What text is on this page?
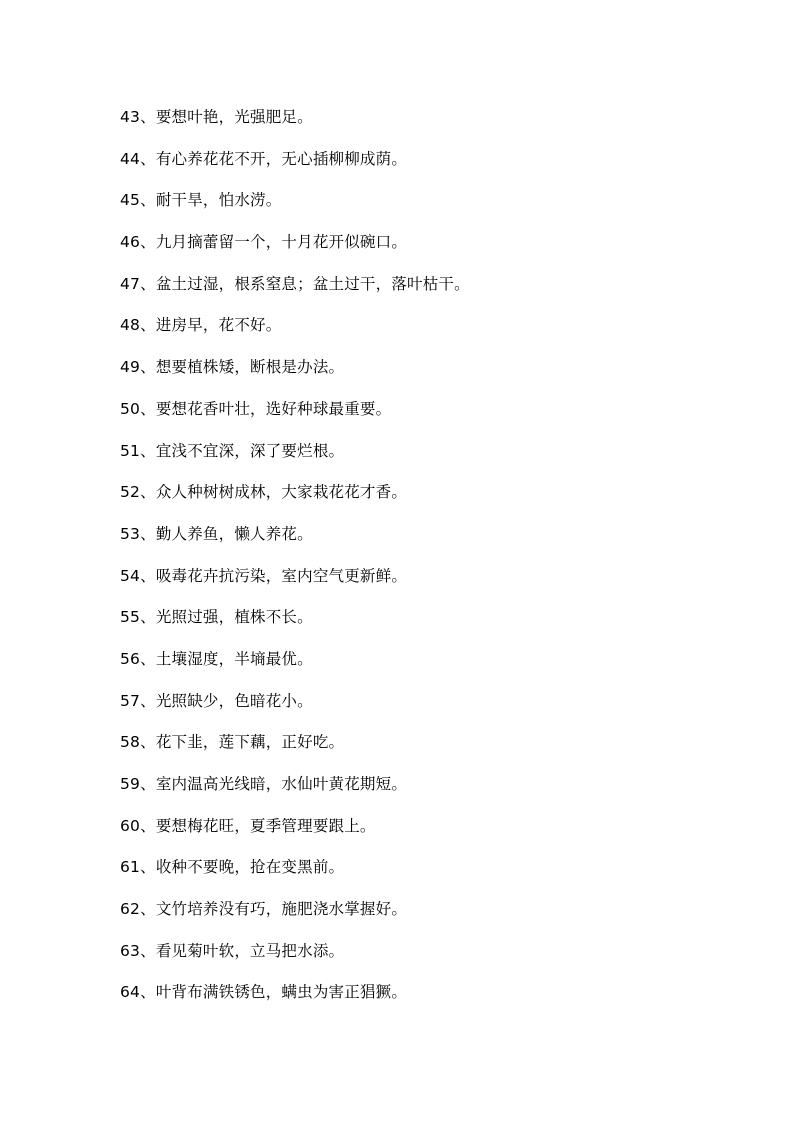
43、要想叶艳，光强肥足。
44、有心养花花不开，无心插柳柳成荫。
45、耐干旱，怕水涝。
46、九月摘蕾留一个，十月花开似碗口。
47、盆土过湿，根系窒息；盆土过干，落叶枯干。
48、进房早，花不好。
49、想要植株矮，断根是办法。
50、要想花香叶壮，选好种球最重要。
51、宜浅不宜深，深了要烂根。
52、众人种树树成林，大家栽花花才香。
53、勤人养鱼，懒人养花。
54、吸毒花卉抗污染，室内空气更新鲜。
55、光照过强，植株不长。
56、土壤湿度，半墒最优。
57、光照缺少，色暗花小。
58、花下韭，莲下藕，正好吃。
59、室内温高光线暗，水仙叶黄花期短。
60、要想梅花旺，夏季管理要跟上。
61、收种不要晚，抢在变黑前。
62、文竹培养没有巧，施肥浇水掌握好。
63、看见菊叶软，立马把水添。
64、叶背布满铁锈色，螨虫为害正猖獗。
